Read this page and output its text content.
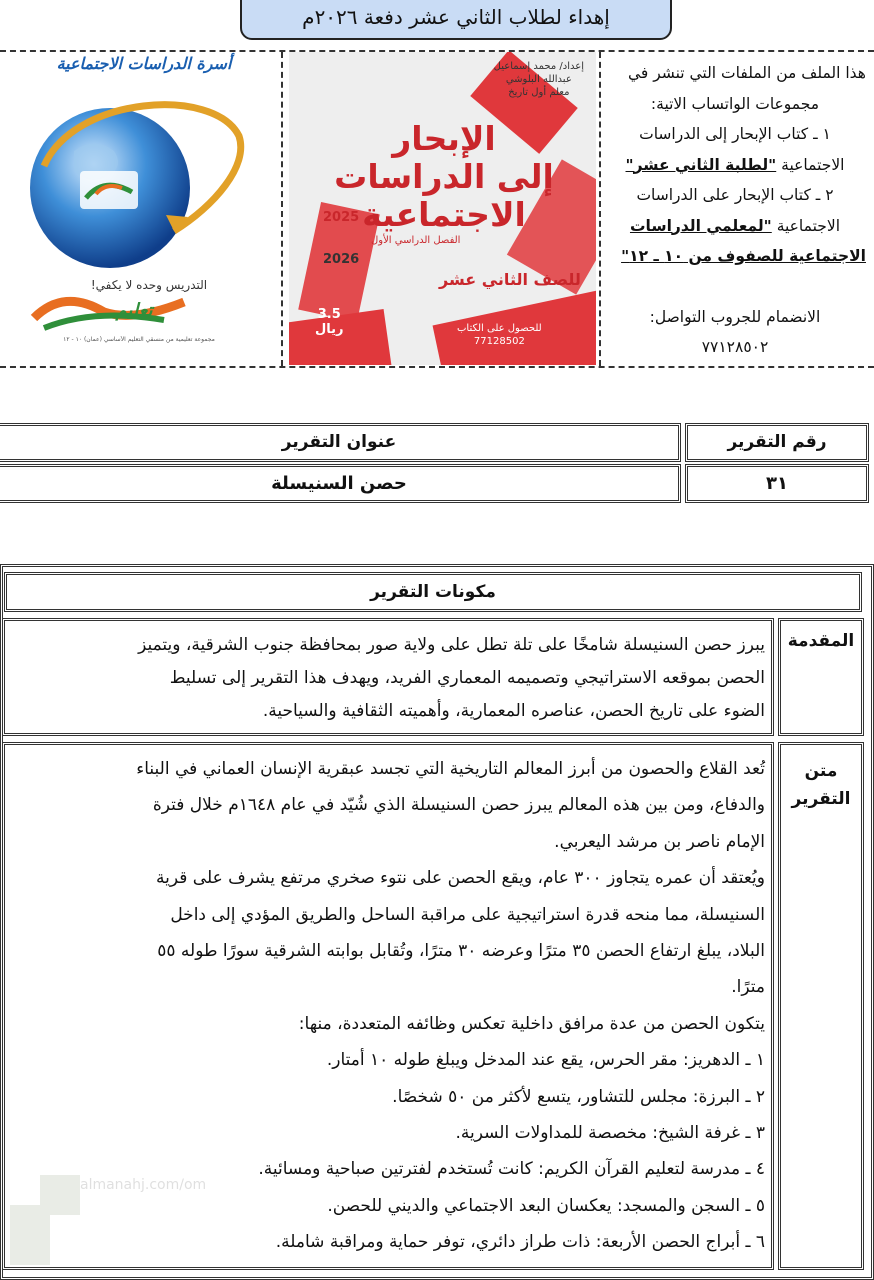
إهداء لطلاب الثاني عشر دفعة ٢٠٢٦م

هذا الملف من الملفات التي تنشر في

مجموعات الواتساب الاتية:

١ ـ كتاب الإبحار إلى الدراسات

الاجتماعية "لطلبة الثاني عشر"

٢ ـ كتاب الإبحار على الدراسات

الاجتماعية "لمعلمي الدراسات

الاجتماعية للصفوف من ١٠ ـ ١٢"

الانضمام للجروب التواصل:

٧٧١٢٨٥٠٢

إعداد/ محمد إسماعيل
عبدالله البلوشي
معلم أول تاريخ
الإبحار
إلى الدراسات
الاجتماعية
2025
الفصل الدراسي الأول
2026
للصف الثاني عشر
3.5
ريال	للحصول على الكتاب
77128502
أسرة الدراسات الاجتماعية
التدريس وحده لا يكفي!
تعليم
مجموعة تعليمية من منسقي التعليم الأساسي (عمان) ١٠ - ١٢
رقم التقرير
عنوان التقرير
٣١
حصن السنيسلة
مكونات التقرير
المقدمة

يبرز حصن السنيسلة شامخًا على تلة تطل على ولاية صور بمحافظة جنوب الشرقية، ويتميز

الحصن بموقعه الاستراتيجي وتصميمه المعماري الفريد، ويهدف هذا التقرير إلى تسليط

الضوء على تاريخ الحصن، عناصره المعمارية، وأهميته الثقافية والسياحية.

متن
التقرير

تُعد القلاع والحصون من أبرز المعالم التاريخية التي تجسد عبقرية الإنسان العماني في البناء

والدفاع، ومن بين هذه المعالم يبرز حصن السنيسلة الذي شُيّد في عام ١٦٤٨م خلال فترة

الإمام ناصر بن مرشد اليعربي.

ويُعتقد أن عمره يتجاوز ٣٠٠ عام، ويقع الحصن على نتوء صخري مرتفع يشرف على قرية

السنيسلة، مما منحه قدرة استراتيجية على مراقبة الساحل والطريق المؤدي إلى داخل

البلاد، يبلغ ارتفاع الحصن ٣٥ مترًا وعرضه ٣٠ مترًا، وتُقابل بوابته الشرقية سورًا طوله ٥٥

مترًا.

يتكون الحصن من عدة مرافق داخلية تعكس وظائفه المتعددة، منها:

١ ـ الدهريز: مقر الحرس، يقع عند المدخل ويبلغ طوله ١٠ أمتار.

٢ ـ البرزة: مجلس للتشاور، يتسع لأكثر من ٥٠ شخصًا.

٣ ـ غرفة الشيخ: مخصصة للمداولات السرية.

٤ ـ مدرسة لتعليم القرآن الكريم: كانت تُستخدم لفترتين صباحية ومسائية.

٥ ـ السجن والمسجد: يعكسان البعد الاجتماعي والديني للحصن.

٦ ـ أبراج الحصن الأربعة: ذات طراز دائري، توفر حماية ومراقبة شاملة.

almanahj.com/om
